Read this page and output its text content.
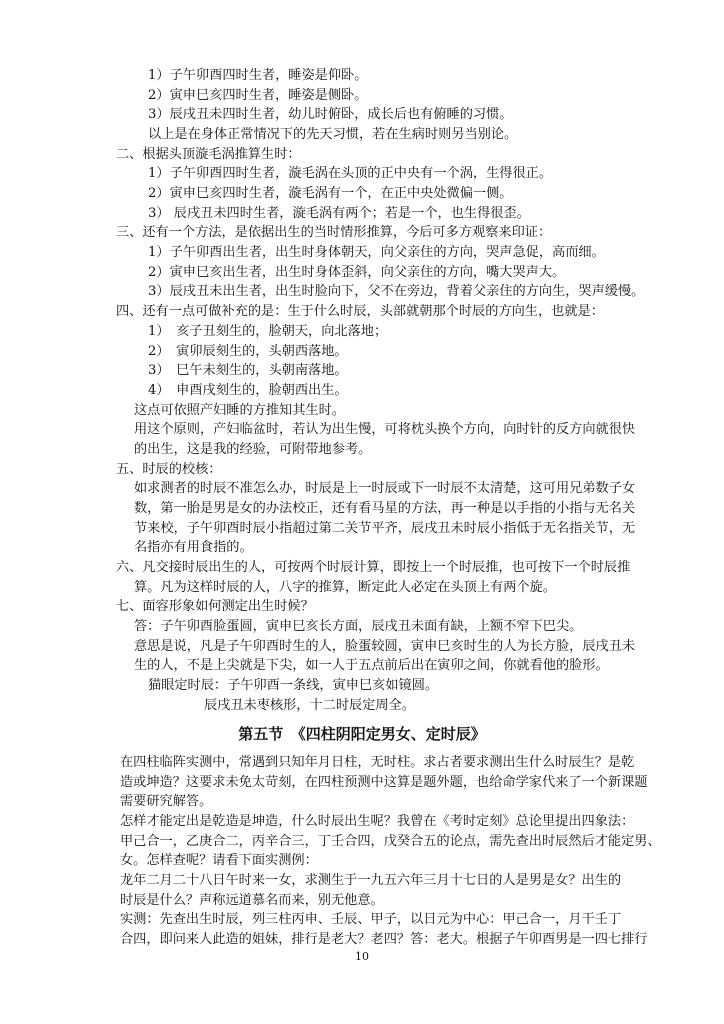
1）子午卯酉四时生者，睡姿是仰卧。
2）寅申巳亥四时生者，睡姿是侧卧。
3）辰戌丑未四时生者，幼儿时俯卧，成长后也有俯睡的习惯。
以上是在身体正常情况下的先天习惯，若在生病时则另当别论。
二、根据头顶漩毛涡推算生时：
1）子午卯酉四时生者，漩毛涡在头顶的正中央有一个涡，生得很正。
2）寅申巳亥四时生者，漩毛涡有一个，在正中央处微偏一侧。
3） 辰戌丑未四时生者，漩毛涡有两个；若是一个，也生得很歪。
三、还有一个方法，是依据出生的当时情形推算，今后可多方观察来印证：
1）子午卯酉出生者，出生时身体朝天，向父亲住的方向，哭声急促，高而细。
2）寅申巳亥出生者，出生时身体歪斜，向父亲住的方向，嘴大哭声大。
3）辰戌丑未出生者，出生时脸向下，父不在旁边，背着父亲住的方向生，哭声缓慢。
四、还有一点可做补充的是：生于什么时辰，头部就朝那个时辰的方向生，也就是：
1）　亥子丑刻生的，脸朝天，向北落地；
2）　寅卯辰刻生的，头朝西落地。
3）　巳午未刻生的，头朝南落地。
4）　申酉戌刻生的，脸朝西出生。
这点可依照产妇睡的方推知其生时。
用这个原则，产妇临盆时，若认为出生慢，可将枕头换个方向，向时针的反方向就很快
的出生，这是我的经验，可附带地参考。
五、时辰的校核：
如求测者的时辰不准怎么办，时辰是上一时辰或下一时辰不太清楚，这可用兄弟数子女
数，第一胎是男是女的办法校正，还有看马星的方法，再一种是以手指的小指与无名关
节来校，子午卯酉时辰小指超过第二关节平齐，辰戌丑未时辰小指低于无名指关节，无
名指亦有用食指的。
六、凡交接时辰出生的人，可按两个时辰计算，即按上一个时辰推，也可按下一个时辰推
算。凡为这样时辰的人，八字的推算，断定此人必定在头顶上有两个旋。
七、面容形象如何测定出生时候？
答：子午卯酉脸蛋圆，寅申巳亥长方面，辰戌丑未面有缺，上额不窄下巴尖。
意思是说，凡是子午卯酉时生的人，脸蛋较圆，寅申巳亥时生的人为长方脸，辰戌丑未
生的人，不是上尖就是下尖，如一人于五点前后出在寅卯之间，你就看他的脸形。
猫眼定时辰：子午卯酉一条线，寅申巳亥如镜圆。
辰戌丑未枣核形，十二时辰定周全。
第五节　《四柱阴阳定男女、定时辰》
在四柱临阵实测中，常遇到只知年月日柱，无时柱。求占者要求测出生什么时辰生？是乾
造或坤造？这要求未免太苛刻，在四柱预测中这算是题外题，也给命学家代来了一个新课题
需要研究解答。
怎样才能定出是乾造是坤造，什么时辰出生呢？我曾在《考时定刻》总论里提出四象法：
甲己合一，乙庚合二，丙辛合三，丁壬合四，戊癸合五的论点，需先查出时辰然后才能定男、
女。怎样查呢？请看下面实测例：
龙年二月二十八日午时来一女，求测生于一九五六年三月十七日的人是男是女？出生的
时辰是什么？声称远道慕名而来，别无他意。
实测：先查出生时辰，列三柱丙申、壬辰、甲子，以日元为中心：甲己合一，月干壬丁
合四，即问来人此造的姐妹，排行是老大？老四？答：老大。根据子午卯酉男是一四七排行
10
